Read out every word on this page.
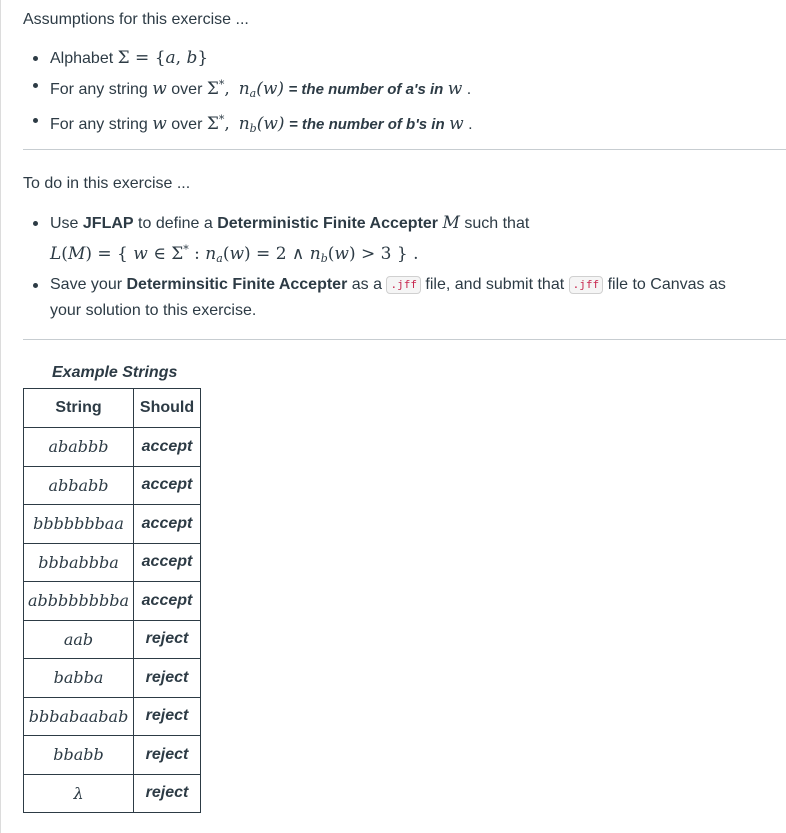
Assumptions for this exercise ...
Alphabet Σ = {a, b}
For any string w over Σ*, $n_a(w)$ = the number of a's in w .
For any string w over Σ*, $n_b(w)$ = the number of b's in w .
To do in this exercise ...
Use JFLAP to define a Deterministic Finite Accepter M such that
L(M) = { w ∈ Σ* : $n_a(w) = 2$ ∧ $n_b(w) > 3$ } .
Save your Determinsitic Finite Accepter as a .jff file, and submit that .jff file to Canvas as
your solution to this exercise.
Example Strings
String	Should
ababbb	accept
abbabb	accept
bbbbbbbaa	accept
bbbabbba	accept
abbbbbbbba	accept
aab	reject
babba	reject
bbbabaabab	reject
bbabb	reject
λ	reject
